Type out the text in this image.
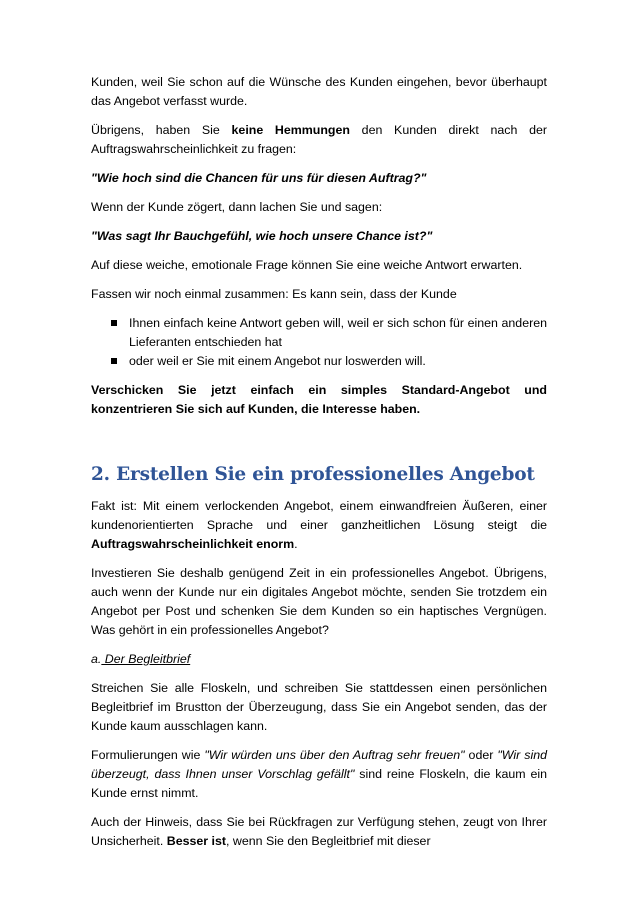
Kunden, weil Sie schon auf die Wünsche des Kunden eingehen, bevor überhaupt das Angebot verfasst wurde.

Übrigens, haben Sie keine Hemmungen den Kunden direkt nach der Auftragswahrscheinlichkeit zu fragen:

"Wie hoch sind die Chancen für uns für diesen Auftrag?"

Wenn der Kunde zögert, dann lachen Sie und sagen:

"Was sagt Ihr Bauchgefühl, wie hoch unsere Chance ist?"

Auf diese weiche, emotionale Frage können Sie eine weiche Antwort erwarten.

Fassen wir noch einmal zusammen: Es kann sein, dass der Kunde

Ihnen einfach keine Antwort geben will, weil er sich schon für einen anderen Lieferanten entschieden hat
oder weil er Sie mit einem Angebot nur loswerden will.

Verschicken Sie jetzt einfach ein simples Standard-Angebot und konzentrieren Sie sich auf Kunden, die Interesse haben.

2. Erstellen Sie ein professionelles Angebot

Fakt ist: Mit einem verlockenden Angebot, einem einwandfreien Äußeren, einer kundenorientierten Sprache und einer ganzheitlichen Lösung steigt die Auftragswahrscheinlichkeit enorm.

Investieren Sie deshalb genügend Zeit in ein professionelles Angebot. Übrigens, auch wenn der Kunde nur ein digitales Angebot möchte, senden Sie trotzdem ein Angebot per Post und schenken Sie dem Kunden so ein haptisches Vergnügen. Was gehört in ein professionelles Angebot?

a. Der Begleitbrief

Streichen Sie alle Floskeln, und schreiben Sie stattdessen einen persönlichen Begleitbrief im Brustton der Überzeugung, dass Sie ein Angebot senden, das der Kunde kaum ausschlagen kann.

Formulierungen wie "Wir würden uns über den Auftrag sehr freuen" oder "Wir sind überzeugt, dass Ihnen unser Vorschlag gefällt" sind reine Floskeln, die kaum ein Kunde ernst nimmt.

Auch der Hinweis, dass Sie bei Rückfragen zur Verfügung stehen, zeugt von Ihrer Unsicherheit. Besser ist, wenn Sie den Begleitbrief mit dieser
